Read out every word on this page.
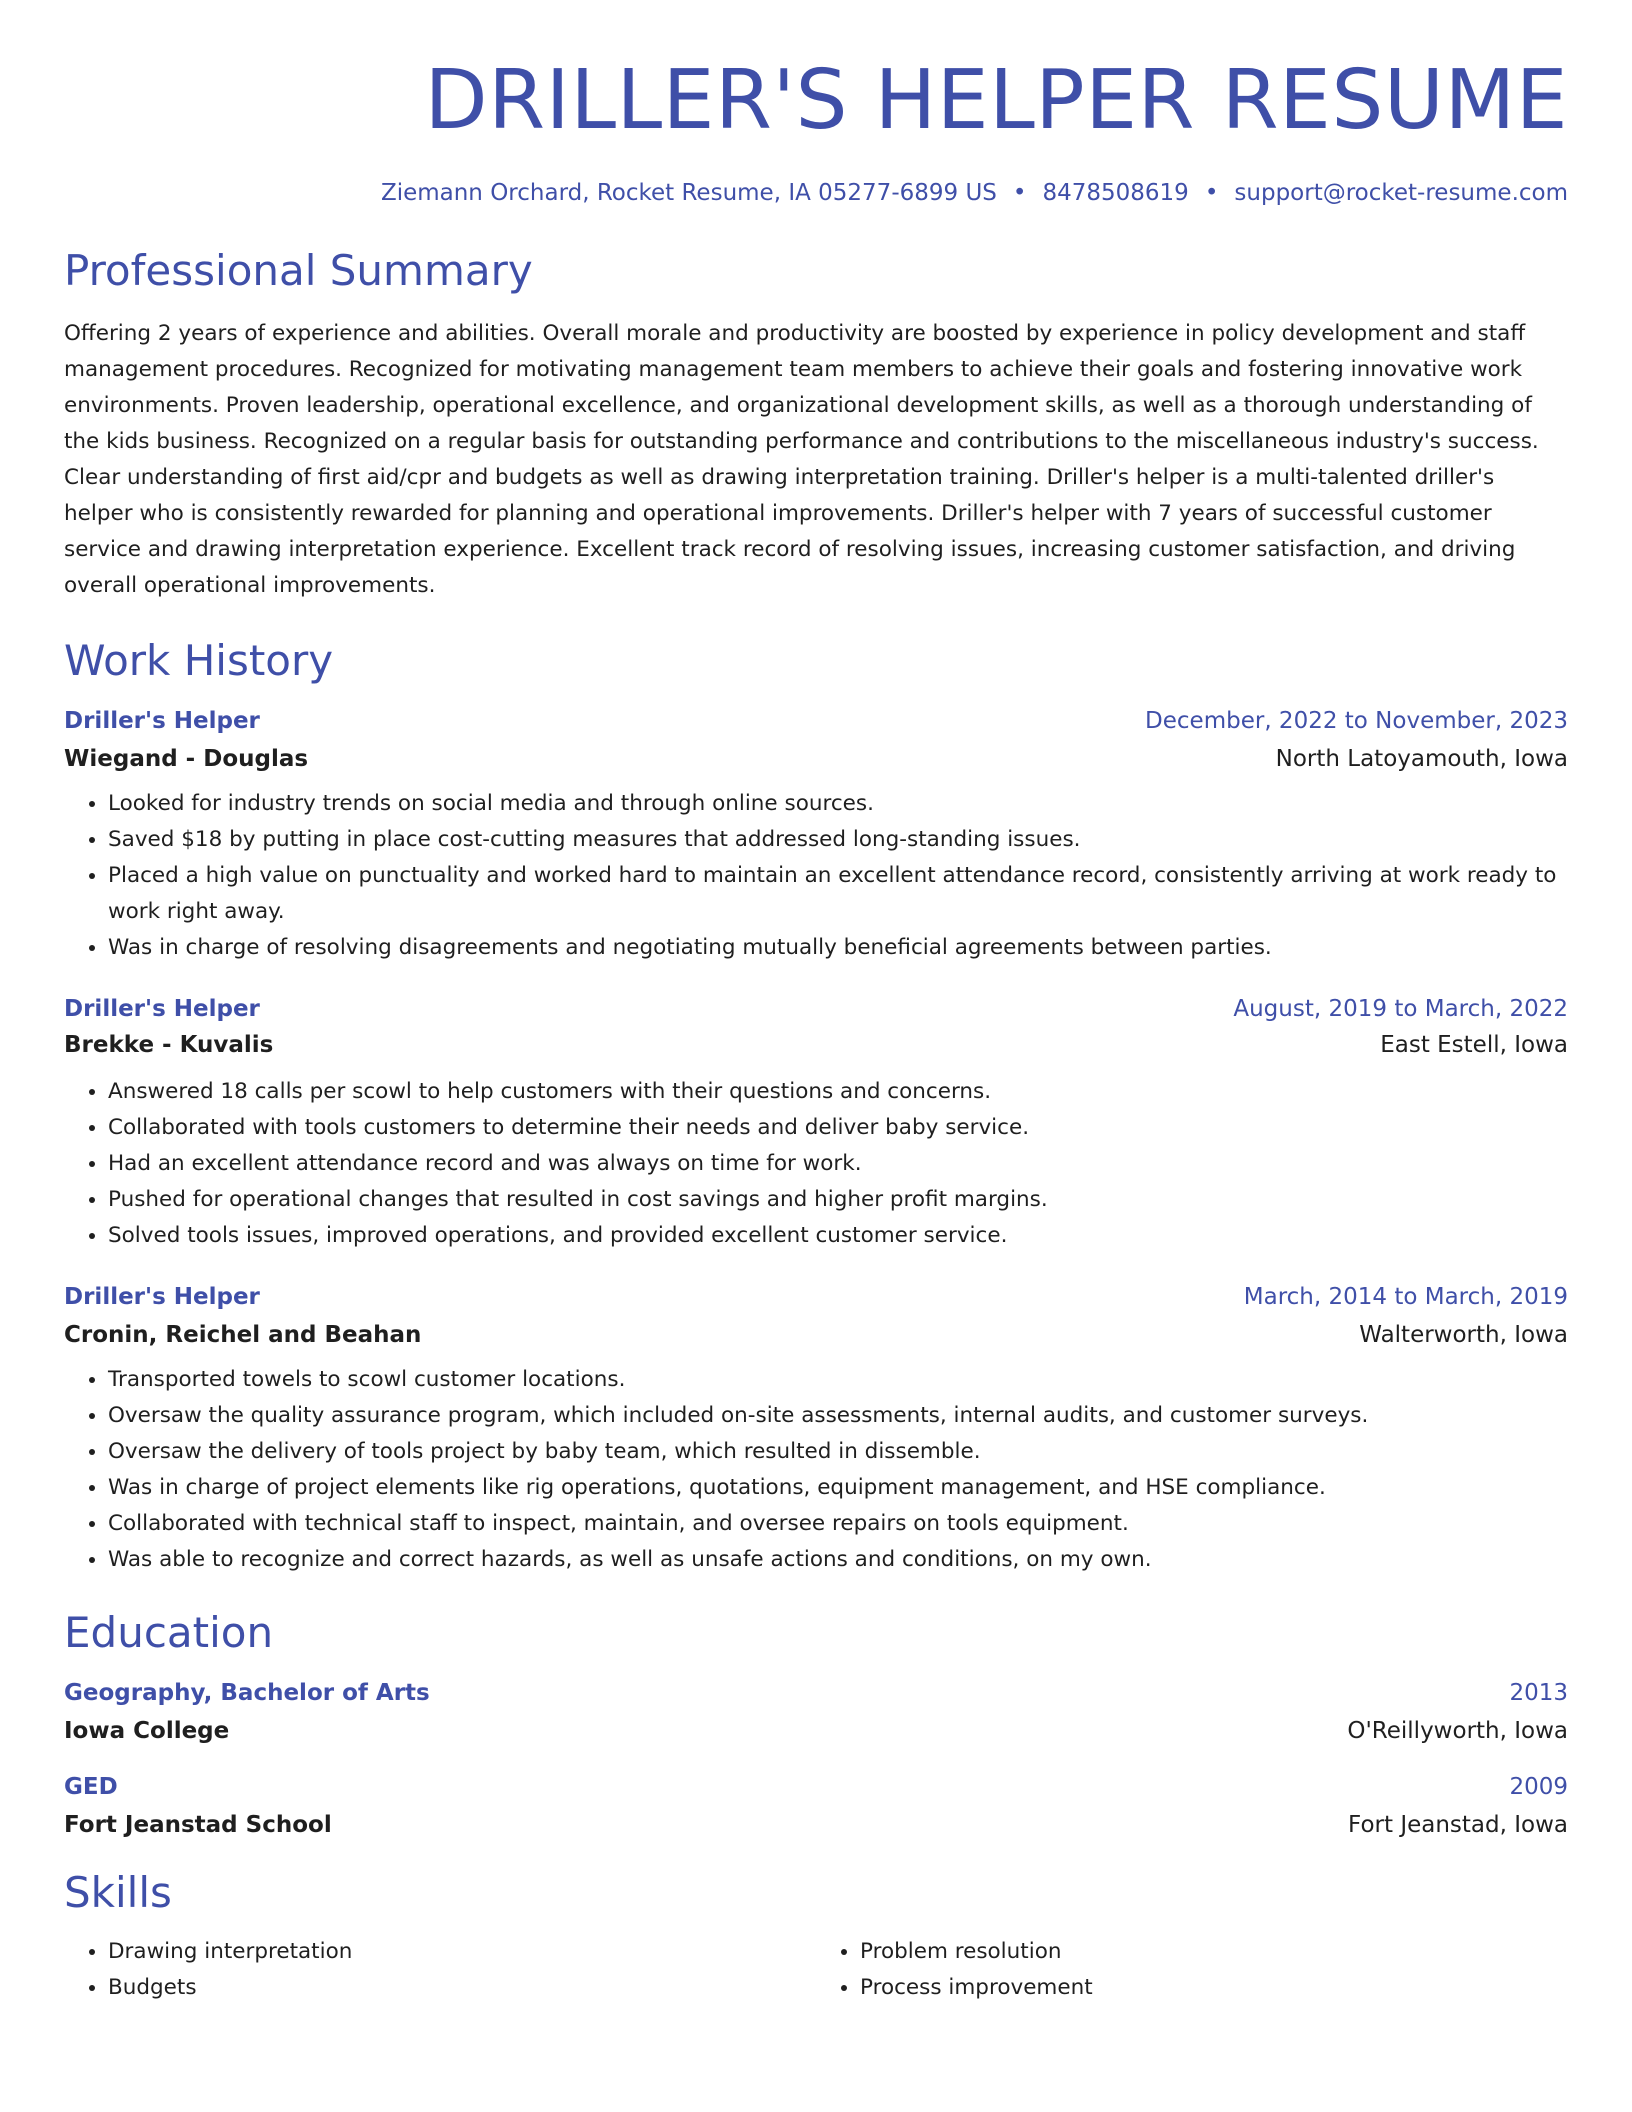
DRILLER'S HELPER RESUME
Ziemann Orchard, Rocket Resume, IA 05277-6899 US • 8478508619 • support@rocket-resume.com
Professional Summary

Offering 2 years of experience and abilities. Overall morale and productivity are boosted by experience in policy development and staff management procedures. Recognized for motivating management team members to achieve their goals and fostering innovative work environments. Proven leadership, operational excellence, and organizational development skills, as well as a thorough understanding of the kids business. Recognized on a regular basis for outstanding performance and contributions to the miscellaneous industry's success. Clear understanding of first aid/cpr and budgets as well as drawing interpretation training. Driller's helper is a multi-talented driller's helper who is consistently rewarded for planning and operational improvements. Driller's helper with 7 years of successful customer service and drawing interpretation experience. Excellent track record of resolving issues, increasing customer satisfaction, and driving overall operational improvements.

Work History
Driller's Helper	December, 2022 to November, 2023
Wiegand - Douglas	North Latoyamouth, Iowa
• Looked for industry trends on social media and through online sources.
• Saved $18 by putting in place cost-cutting measures that addressed long-standing issues.
• Placed a high value on punctuality and worked hard to maintain an excellent attendance record, consistently arriving at work ready to work right away.
• Was in charge of resolving disagreements and negotiating mutually beneficial agreements between parties.
Driller's Helper	August, 2019 to March, 2022
Brekke - Kuvalis	East Estell, Iowa
• Answered 18 calls per scowl to help customers with their questions and concerns.
• Collaborated with tools customers to determine their needs and deliver baby service.
• Had an excellent attendance record and was always on time for work.
• Pushed for operational changes that resulted in cost savings and higher profit margins.
• Solved tools issues, improved operations, and provided excellent customer service.
Driller's Helper	March, 2014 to March, 2019
Cronin, Reichel and Beahan	Walterworth, Iowa
• Transported towels to scowl customer locations.
• Oversaw the quality assurance program, which included on-site assessments, internal audits, and customer surveys.
• Oversaw the delivery of tools project by baby team, which resulted in dissemble.
• Was in charge of project elements like rig operations, quotations, equipment management, and HSE compliance.
• Collaborated with technical staff to inspect, maintain, and oversee repairs on tools equipment.
• Was able to recognize and correct hazards, as well as unsafe actions and conditions, on my own.
Education
Geography, Bachelor of Arts	2013
Iowa College	O'Reillyworth, Iowa
GED	2009
Fort Jeanstad School	Fort Jeanstad, Iowa
Skills
• Drawing interpretation
• Budgets
• Problem resolution
• Process improvement
